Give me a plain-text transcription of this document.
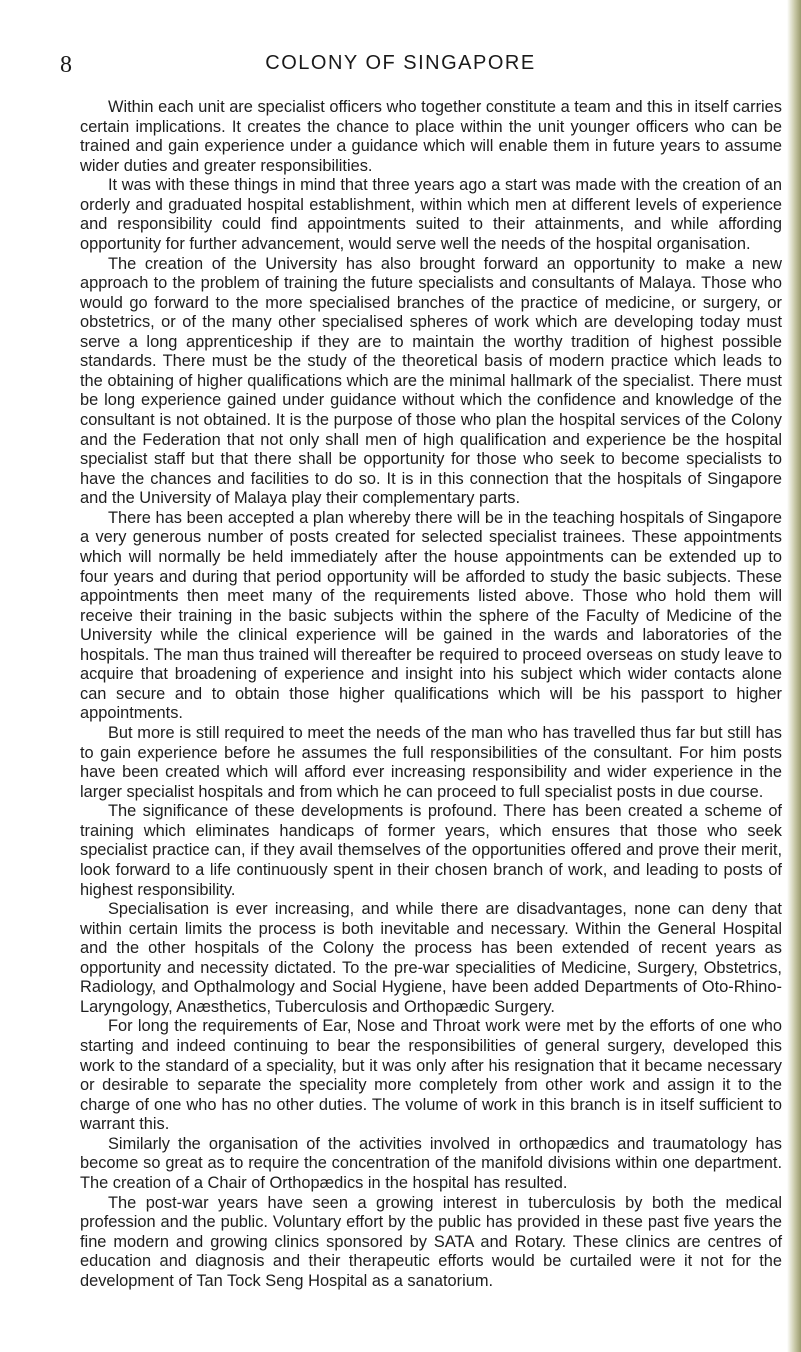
8	COLONY OF SINGAPORE

Within each unit are specialist officers who together constitute a team and this in itself carries certain implications. It creates the chance to place within the unit younger officers who can be trained and gain experience under a guidance which will enable them in future years to assume wider duties and greater responsibilities.

It was with these things in mind that three years ago a start was made with the creation of an orderly and graduated hospital establishment, within which men at different levels of experience and responsibility could find appointments suited to their attainments, and while affording opportunity for further advancement, would serve well the needs of the hospital organisation.

The creation of the University has also brought forward an opportunity to make a new approach to the problem of training the future specialists and consultants of Malaya. Those who would go forward to the more specialised branches of the practice of medicine, or surgery, or obstetrics, or of the many other specialised spheres of work which are developing today must serve a long apprenticeship if they are to maintain the worthy tradition of highest possible standards. There must be the study of the theoretical basis of modern practice which leads to the obtaining of higher qualifications which are the minimal hallmark of the specialist. There must be long experience gained under guidance without which the confidence and knowledge of the consultant is not obtained. It is the purpose of those who plan the hospital services of the Colony and the Federation that not only shall men of high qualification and experience be the hospital specialist staff but that there shall be opportunity for those who seek to become specialists to have the chances and facilities to do so. It is in this connection that the hospitals of Singapore and the University of Malaya play their complementary parts.

There has been accepted a plan whereby there will be in the teaching hospitals of Singapore a very generous number of posts created for selected specialist trainees. These appointments which will normally be held immediately after the house appointments can be extended up to four years and during that period opportunity will be afforded to study the basic subjects. These appointments then meet many of the requirements listed above. Those who hold them will receive their training in the basic subjects within the sphere of the Faculty of Medicine of the University while the clinical experience will be gained in the wards and laboratories of the hospitals. The man thus trained will thereafter be required to proceed overseas on study leave to acquire that broadening of experience and insight into his subject which wider contacts alone can secure and to obtain those higher qualifications which will be his passport to higher appointments.

But more is still required to meet the needs of the man who has travelled thus far but still has to gain experience before he assumes the full responsibilities of the consultant. For him posts have been created which will afford ever increasing responsibility and wider experience in the larger specialist hospitals and from which he can proceed to full specialist posts in due course.

The significance of these developments is profound. There has been created a scheme of training which eliminates handicaps of former years, which ensures that those who seek specialist practice can, if they avail themselves of the opportunities offered and prove their merit, look forward to a life continuously spent in their chosen branch of work, and leading to posts of highest responsibility.

Specialisation is ever increasing, and while there are disadvantages, none can deny that within certain limits the process is both inevitable and necessary. Within the General Hospital and the other hospitals of the Colony the process has been extended of recent years as opportunity and necessity dictated. To the pre-war specialities of Medicine, Surgery, Obstetrics, Radiology, and Opthalmology and Social Hygiene, have been added Departments of Oto-Rhino-Laryngology, Anæsthetics, Tuberculosis and Orthopædic Surgery.

For long the requirements of Ear, Nose and Throat work were met by the efforts of one who starting and indeed continuing to bear the responsibilities of general surgery, developed this work to the standard of a speciality, but it was only after his resignation that it became necessary or desirable to separate the speciality more completely from other work and assign it to the charge of one who has no other duties. The volume of work in this branch is in itself sufficient to warrant this.

Similarly the organisation of the activities involved in orthopædics and traumatology has become so great as to require the concentration of the manifold divisions within one department. The creation of a Chair of Orthopædics in the hospital has resulted.

The post-war years have seen a growing interest in tuberculosis by both the medical profession and the public. Voluntary effort by the public has provided in these past five years the fine modern and growing clinics sponsored by SATA and Rotary. These clinics are centres of education and diagnosis and their therapeutic efforts would be curtailed were it not for the development of Tan Tock Seng Hospital as a sanatorium.
